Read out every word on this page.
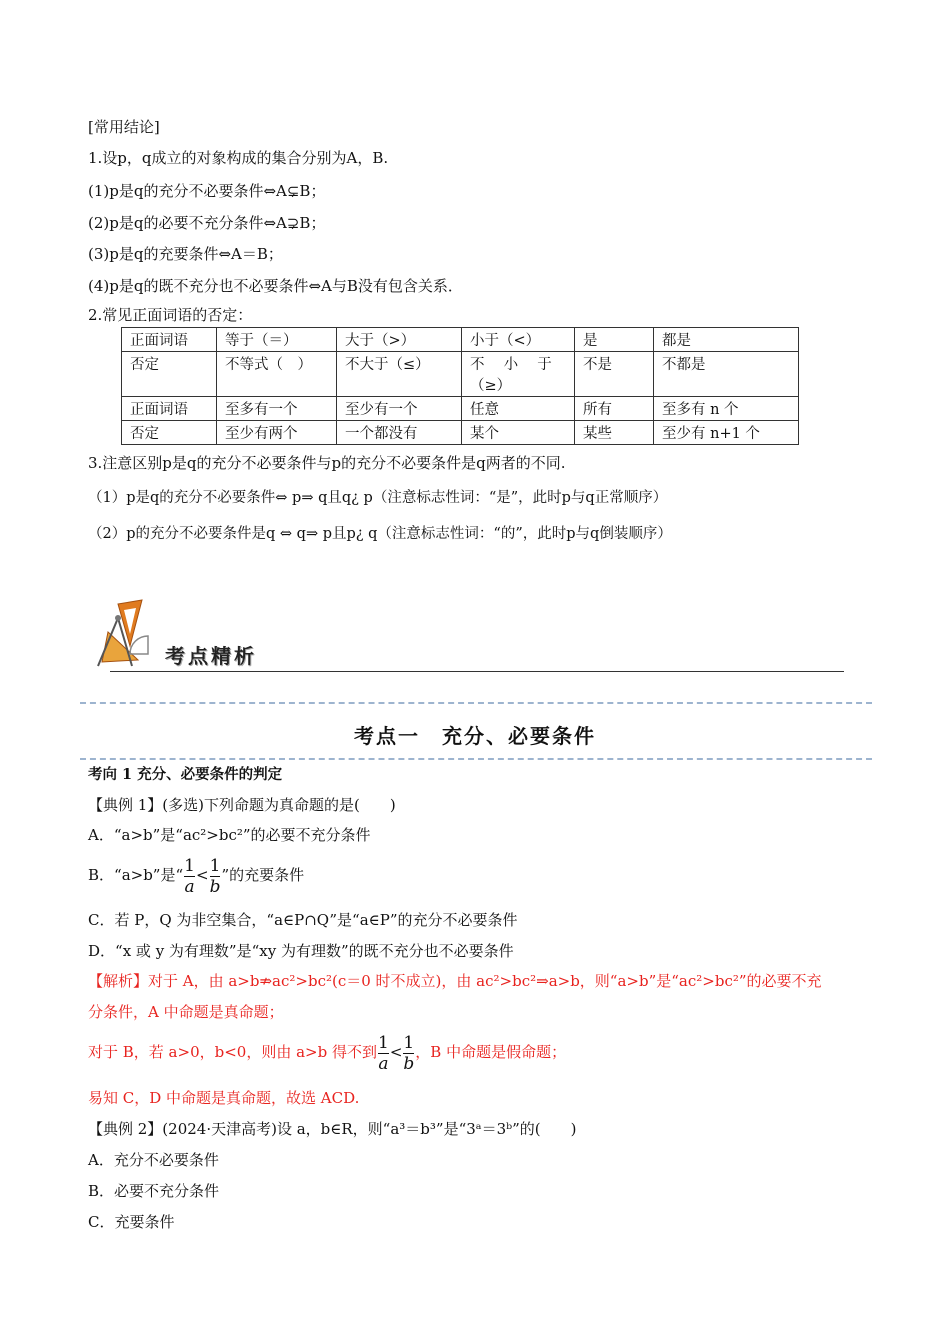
[常用结论]
1.设p，q成立的对象构成的集合分别为A，B.
(1)p是q的充分不必要条件⇔A⊊B；
(2)p是q的必要不充分条件⇔A⊋B；
(3)p是q的充要条件⇔A＝B；
(4)p是q的既不充分也不必要条件⇔A与B没有包含关系．
2.常见正面词语的否定：
正面词语	等于（＝）	大于（>）	小于（<）	是	都是
否定	不等式（　）	不大于（≤）	不　 小　 于（≥）	不是	不都是
正面词语	至多有一个	至少有一个	任意	所有	至多有 n 个
否定	至少有两个	一个都没有	某个	某些	至少有 n+1 个
3.注意区别p是q的充分不必要条件与p的充分不必要条件是q两者的不同.
（1）p是q的充分不必要条件⇔ p⇒ q且q¿ p（注意标志性词：“是”，此时p与q正常顺序）
（2）p的充分不必要条件是q ⇔ q⇒ p且p¿ q（注意标志性词：“的”，此时p与q倒装顺序）
考点精析
考点一　充分、必要条件
考向 1 充分、必要条件的判定
【典例 1】(多选)下列命题为真命题的是(　　)
A．“a>b”是“ac²>bc²”的必要不充分条件
B．“a>b”是“ $\frac{1}{a} < \frac{1}{b}$ ”的充要条件
C．若 P，Q 为非空集合，“a∈P∩Q”是“a∈P”的充分不必要条件
D．“x 或 y 为有理数”是“xy 为有理数”的既不充分也不必要条件
【解析】对于 A，由 a>b⇏ac²>bc²(c＝0 时不成立)，由 ac²>bc²⇒a>b，则“a>b”是“ac²>bc²”的必要不充
分条件，A 中命题是真命题；
对于 B，若 a>0，b<0，则由 a>b 得不到 $\frac{1}{a} < \frac{1}{b}$ ，B 中命题是假命题；
易知 C，D 中命题是真命题，故选 ACD.
【典例 2】(2024·天津高考)设 a，b∈R，则“a³＝b³”是“3ᵃ＝3ᵇ”的(　　)
A．充分不必要条件
B．必要不充分条件
C．充要条件
